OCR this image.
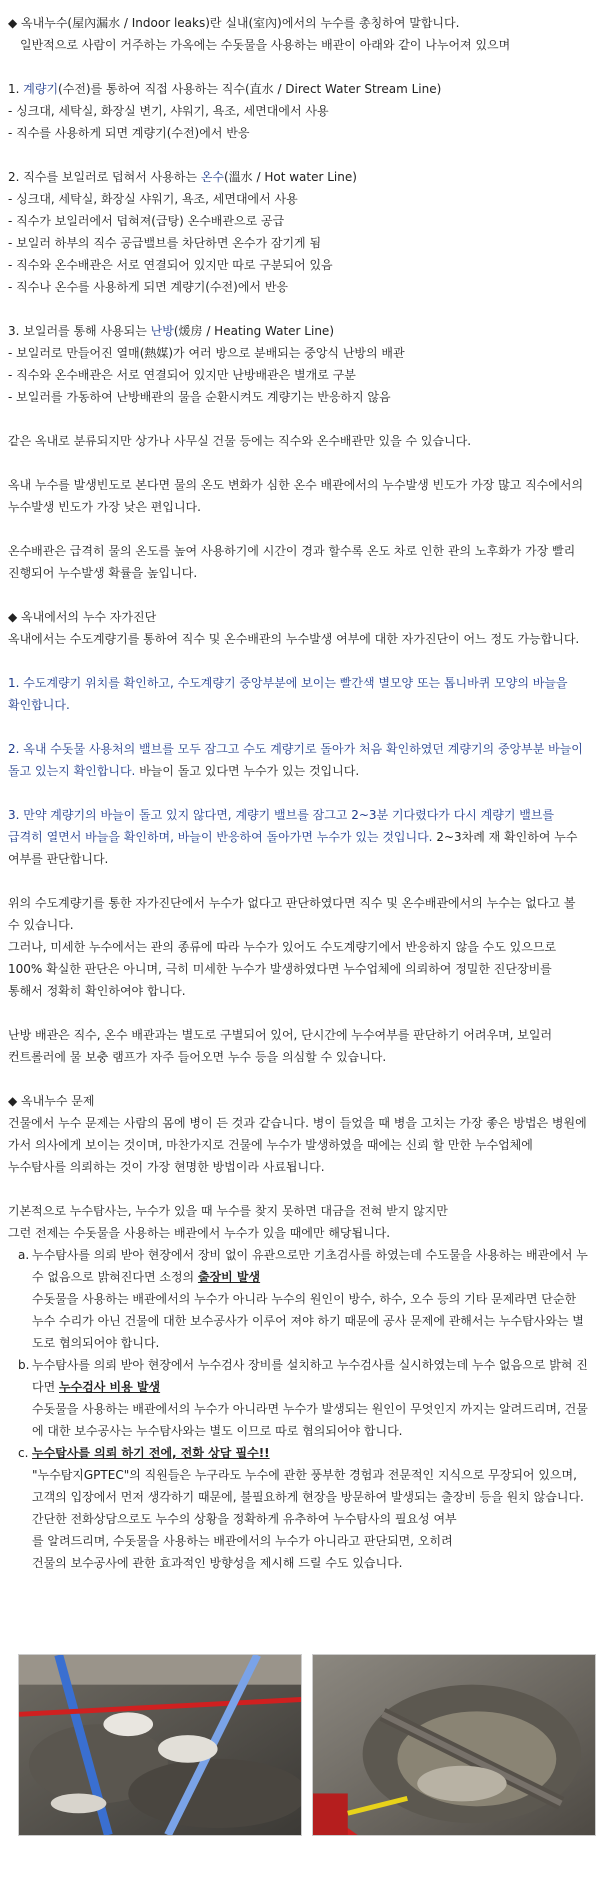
◆ 옥내누수(屋內漏水 / Indoor leaks)란 실내(室內)에서의 누수를 총칭하여 말합니다.

일반적으로 사람이 거주하는 가옥에는 수돗물을 사용하는 배관이 아래와 같이 나누어져 있으며

1. 계량기(수전)를 통하여 직접 사용하는 직수(直水 / Direct Water Stream Line)

- 싱크대, 세탁실, 화장실 변기, 샤워기, 욕조, 세면대에서 사용

- 직수를 사용하게 되면 계량기(수전)에서 반응

2. 직수를 보일러로 덥혀서 사용하는 온수(溫水 / Hot water Line)

- 싱크대, 세탁실, 화장실 샤워기, 욕조, 세면대에서 사용

- 직수가 보일러에서 덥혀져(급탕) 온수배관으로 공급

- 보일러 하부의 직수 공급밸브를 차단하면 온수가 잠기게 됨

- 직수와 온수배관은 서로 연결되어 있지만 따로 구분되어 있음

- 직수나 온수를 사용하게 되면 계량기(수전)에서 반응

3. 보일러를 통해 사용되는 난방(煖房 / Heating Water Line)

- 보일러로 만들어진 열매(熱媒)가 여러 방으로 분배되는 중앙식 난방의 배관

- 직수와 온수배관은 서로 연결되어 있지만 난방배관은 별개로 구분

- 보일러를 가동하여 난방배관의 물을 순환시켜도 계량기는 반응하지 않음

같은 옥내로 분류되지만 상가나 사무실 건물 등에는 직수와 온수배관만 있을 수 있습니다.

옥내 누수를 발생빈도로 본다면 물의 온도 변화가 심한 온수 배관에서의 누수발생 빈도가 가장 많고 직수에서의 누수발생 빈도가 가장 낮은 편입니다.

온수배관은 급격히 물의 온도를 높여 사용하기에 시간이 경과 할수록 온도 차로 인한 관의 노후화가 가장 빨리 진행되어 누수발생 확률을 높입니다.

◆ 옥내에서의 누수 자가진단

옥내에서는 수도계량기를 통하여 직수 및 온수배관의 누수발생 여부에 대한 자가진단이 어느 정도 가능합니다.

1. 수도계량기 위치를 확인하고, 수도계량기 중앙부분에 보이는 빨간색 별모양 또는 톱니바퀴 모양의 바늘을 확인합니다.

2. 옥내 수돗물 사용처의 밸브를 모두 잠그고 수도 계량기로 돌아가 처음 확인하였던 계량기의 중앙부분 바늘이 돌고 있는지 확인합니다. 바늘이 돌고 있다면 누수가 있는 것입니다.

3. 만약 계량기의 바늘이 돌고 있지 않다면, 계량기 밸브를 잠그고 2~3분 기다렸다가 다시 계량기 밸브를 급격히 열면서 바늘을 확인하며, 바늘이 반응하여 돌아가면 누수가 있는 것입니다. 2~3차례 재 확인하여 누수 여부를 판단합니다.

위의 수도계량기를 통한 자가진단에서 누수가 없다고 판단하였다면 직수 및 온수배관에서의 누수는 없다고 볼 수 있습니다.

그러나, 미세한 누수에서는 관의 종류에 따라 누수가 있어도 수도계량기에서 반응하지 않을 수도 있으므로 100% 확실한 판단은 아니며, 극히 미세한 누수가 발생하였다면 누수업체에 의뢰하여 정밀한 진단장비를 통해서 정확히 확인하여야 합니다.

난방 배관은 직수, 온수 배관과는 별도로 구별되어 있어, 단시간에 누수여부를 판단하기 어려우며, 보일러 컨트롤러에 물 보충 램프가 자주 들어오면 누수 등을 의심할 수 있습니다.

◆ 옥내누수 문제

건물에서 누수 문제는 사람의 몸에 병이 든 것과 같습니다. 병이 들었을 때 병을 고치는 가장 좋은 방법은 병원에 가서 의사에게 보이는 것이며, 마찬가지로 건물에 누수가 발생하였을 때에는 신뢰 할 만한 누수업체에 누수탐사를 의뢰하는 것이 가장 현명한 방법이라 사료됩니다.

기본적으로 누수탐사는, 누수가 있을 때 누수를 찾지 못하면 대금을 전혀 받지 않지만

그런 전제는 수돗물을 사용하는 배관에서 누수가 있을 때에만 해당됩니다.

a. 누수탐사를 의뢰 받아 현장에서 장비 없이 유관으로만 기초검사를 하였는데 수도물을 사용하는 배관에서 누수 없음으로 밝혀진다면 소정의 출장비 발생
수돗물을 사용하는 배관에서의 누수가 아니라 누수의 원인이 방수, 하수, 오수 등의 기타 문제라면 단순한 누수 수리가 아닌 건물에 대한 보수공사가 이루어 져야 하기 때문에 공사 문제에 관해서는 누수탐사와는 별도로 협의되어야 합니다.
b. 누수탐사를 의뢰 받아 현장에서 누수검사 장비를 설치하고 누수검사를 실시하였는데 누수 없음으로 밝혀 진다면 누수검사 비용 발생
수돗물을 사용하는 배관에서의 누수가 아니라면 누수가 발생되는 원인이 무엇인지 까지는 알려드리며, 건물에 대한 보수공사는 누수탐사와는 별도 이므로 따로 협의되어야 합니다.
c. 누수탐사를 의뢰 하기 전에, 전화 상담 필수!!
"누수탐지GPTEC"의 직원들은 누구라도 누수에 관한 풍부한 경험과 전문적인 지식으로 무장되어 있으며, 고객의 입장에서 먼저 생각하기 때문에, 불필요하게 현장을 방문하여 발생되는 출장비 등을 원치 않습니다.
간단한 전화상담으로도 누수의 상황을 정확하게 유추하여 누수탐사의 필요성 여부
를 알려드리며, 수돗물을 사용하는 배관에서의 누수가 아니라고 판단되면, 오히려
건물의 보수공사에 관한 효과적인 방향성을 제시해 드릴 수도 있습니다.
